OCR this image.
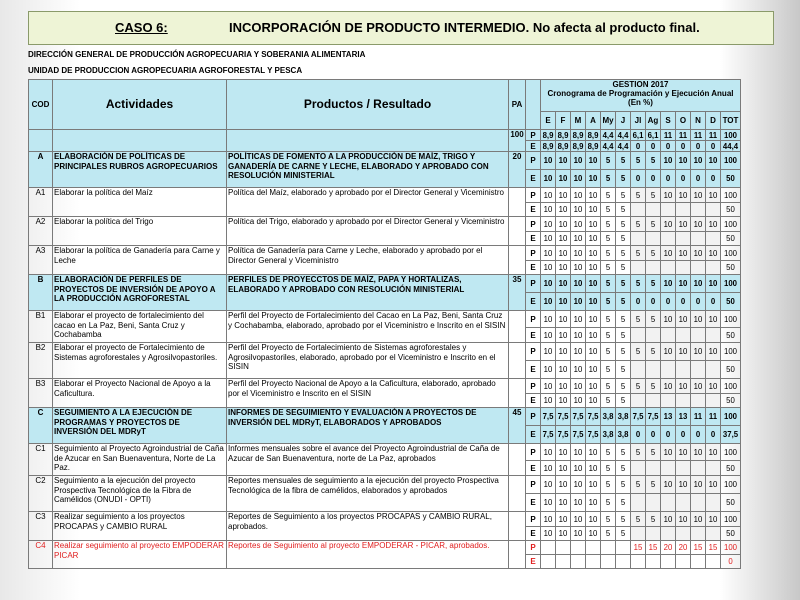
CASO 6:	INCORPORACIÓN DE PRODUCTO INTERMEDIO. No afecta al producto final.
DIRECCIÓN GENERAL DE PRODUCCIÓN AGROPECUARIA Y SOBERANIA ALIMENTARIA
UNIDAD DE PRODUCCION AGROPECUARIA AGROFORESTAL Y PESCA
COD	Actividades	Productos / Resultado	PA		GESTION 2017
Cronograma de Programación y Ejecución Anual (En %)												

					E	F	M	A	My	J	Jl	Ag	S	O	N	D	TOT
			100	P	8,9	8,9	8,9	8,9	4,4	4,4	6,1	6,1	11	11	11	11	100
				E	8,9	8,9	8,9	8,9	4,4	4,4	0	0	0	0	0	0	44,4
A	ELABORACIÓN DE POLÍTICAS DE PRINCIPALES RUBROS AGROPECUARIOS	POLÍTICAS DE FOMENTO A LA PRODUCCIÓN DE MAÍZ, TRIGO Y GANADERÍA DE CARNE Y LECHE, ELABORADO Y APROBADO CON RESOLUCIÓN MINISTERIAL	20	P	10	10	10	10	5	5	5	5	10	10	10	10	100
				E	10	10	10	10	5	5	0	0	0	0	0	0	50
A1	Elaborar la política del Maíz	Política del Maíz, elaborado y aprobado por el Director General y Viceministro		P	10	10	10	10	5	5	5	5	10	10	10	10	100
				E	10	10	10	10	5	5							50
A2	Elaborar la política del Trigo	Política del Trigo, elaborado y aprobado por el Director General y Viceministro		P	10	10	10	10	5	5	5	5	10	10	10	10	100
				E	10	10	10	10	5	5							50
A3	Elaborar la política de Ganadería para Carne y Leche	Política de Ganadería para Carne y Leche, elaborado y aprobado por el Director General y Viceministro		P	10	10	10	10	5	5	5	5	10	10	10	10	100
				E	10	10	10	10	5	5							50
B	ELABORACIÓN DE PERFILES DE PROYECTOS DE INVERSIÓN DE APOYO A LA PRODUCCIÓN AGROFORESTAL	PERFILES DE PROYECCTOS DE MAÍZ, PAPA Y HORTALIZAS, ELABORADO Y APROBADO CON RESOLUCIÓN MINISTERIAL	35	P	10	10	10	10	5	5	5	5	10	10	10	10	100
				E	10	10	10	10	5	5	0	0	0	0	0	0	50
B1	Elaborar el proyecto de fortalecimiento del cacao en La Paz, Beni, Santa Cruz y Cochabamba	Perfil del Proyecto de Fortalecimiento del Cacao en La Paz, Beni, Santa Cruz y Cochabamba, elaborado, aprobado por el Viceministro e Inscrito en el SISIN		P	10	10	10	10	5	5	5	5	10	10	10	10	100
				E	10	10	10	10	5	5							50
B2	Elaborar el proyecto de Fortalecimiento de Sistemas agroforestales y Agrosilvopastoriles.	Perfil del Proyecto de Fortalecimiento de Sistemas agroforestales y Agrosilvopastoriles, elaborado, aprobado por el Viceministro e Inscrito en el SISIN		P	10	10	10	10	5	5	5	5	10	10	10	10	100
				E	10	10	10	10	5	5							50
B3	Elaborar el Proyecto Nacional de Apoyo a la Caficultura.	Perfil del Proyecto Nacional de Apoyo a la Caficultura, elaborado, aprobado por el Viceministro e Inscrito en el SISIN		P	10	10	10	10	5	5	5	5	10	10	10	10	100
				E	10	10	10	10	5	5							50
C	SEGUIMIENTO A LA EJECUCIÓN DE PROGRAMAS Y PROYECTOS DE INVERSIÓN DEL MDRyT	INFORMES DE SEGUIMIENTO Y EVALUACIÓN A PROYECTOS DE INVERSIÓN DEL MDRyT, ELABORADOS Y APROBADOS	45	P	7,5	7,5	7,5	7,5	3,8	3,8	7,5	7,5	13	13	11	11	100
				E	7,5	7,5	7,5	7,5	3,8	3,8	0	0	0	0	0	0	37,5
C1	Seguimiento al Proyecto Agroindustrial de Caña de Azucar en San Buenaventura, Norte de La Paz.	Informes mensuales sobre el avance del Proyecto Agroindustrial de Caña de Azucar de San Buenaventura, norte de La Paz, aprobados		P	10	10	10	10	5	5	5	5	10	10	10	10	100
				E	10	10	10	10	5	5							50
C2	Seguimiento a la ejecución del proyecto Prospectiva Tecnológica de la Fibra de Camélidos (ONUDI - OPTI)	Reportes mensuales de seguimiento a la ejecución del proyecto Prospectiva Tecnológica de la fibra de camélidos, elaborados y aprobados		P	10	10	10	10	5	5	5	5	10	10	10	10	100
				E	10	10	10	10	5	5							50
C3	Realizar seguimiento a los proyectos PROCAPAS y CAMBIO RURAL	Reportes de Seguimiento a los proyectos PROCAPAS y CAMBIO RURAL, aprobados.		P	10	10	10	10	5	5	5	5	10	10	10	10	100
				E	10	10	10	10	5	5							50
C4	Realizar seguimiento al proyecto EMPODERAR PICAR	Reportes de Seguimiento al proyecto EMPODERAR - PICAR, aprobados.		P							15	15	20	20	15	15	100
				E													0
